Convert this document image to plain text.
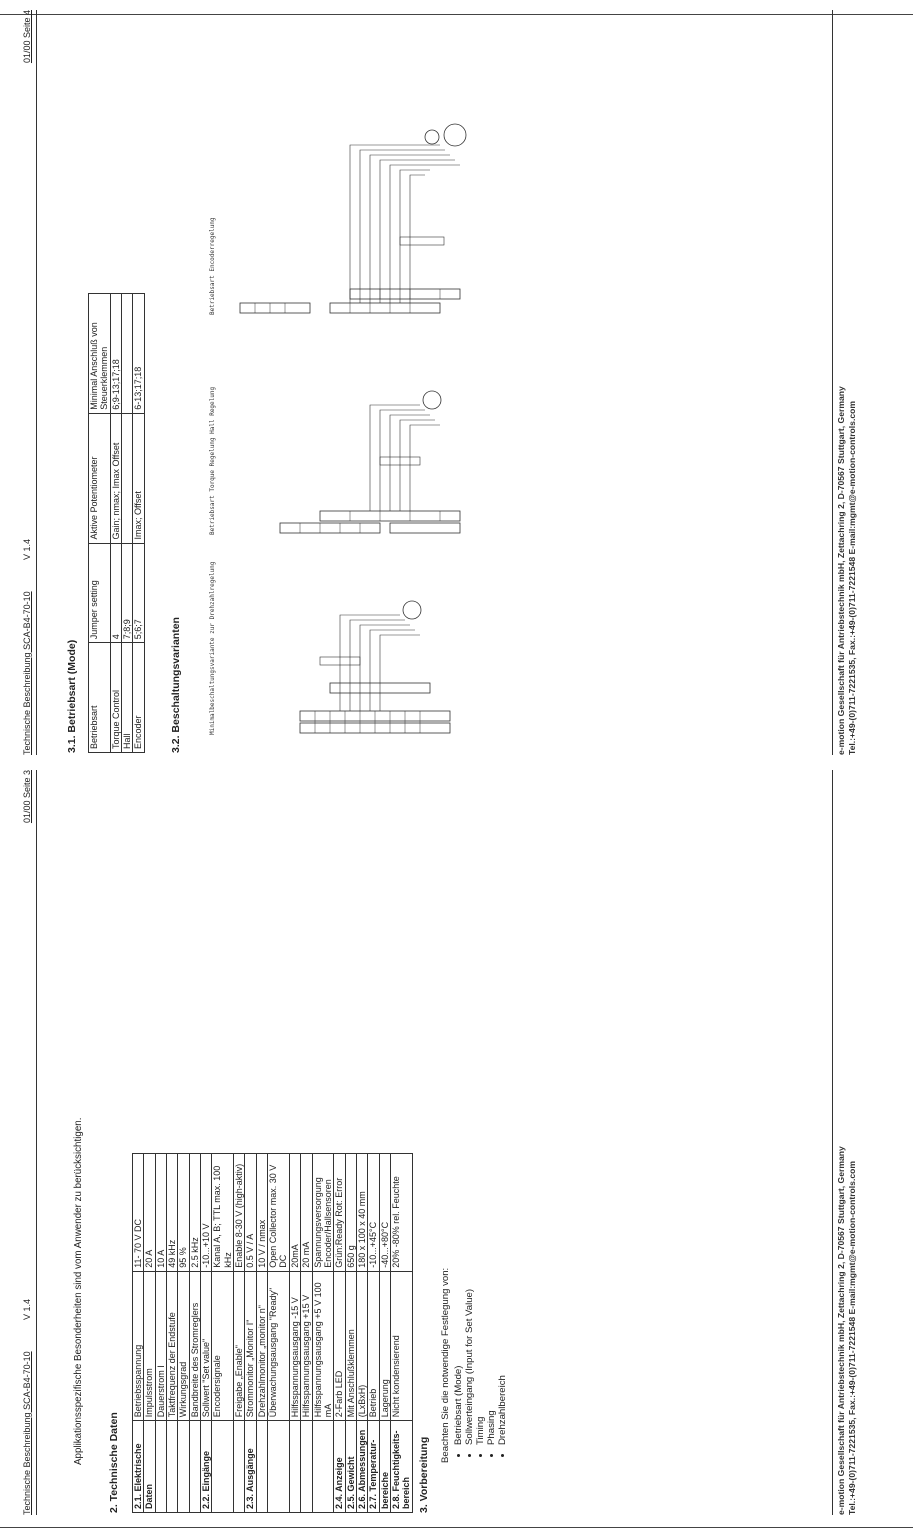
Technische Beschreibung SCA-B4-70-10
V 1.4
01/00 Seite 3
Applikationsspezifische Besonderheiten sind vom Anwender zu berücksichtigen. 2. Technische Daten 2.1. Elektrische	Betriebsspannung	11- 70 V DC
Daten	Impulsstrom	20 A
	Dauerstrom I	10 A
	Taktfrequenz der Endstufe	49 kHz
	Wirkungsgrad	95 %
	Bandbreite des Stromreglers	2.5 kHz
2.2. Eingänge	Sollwert "Set value"	-10...+10 V
	Encodersignale	Kanal A, B; TTL max. 100 kHz
	Freigabe „Enable"	Enable 8-30 V (high-aktiv)
2.3. Ausgänge	Strommonitor „Monitor I"	0.5 V / A
	Drehzahlmonitor „monitor n"	10 V / nmax
	Überwachungsausgang "Ready"	Open Collector max. 30 V DC
	Hilfsspannungsausgang -15 V	20mA
	Hilfsspannungsausgang +15 V	20 mA
	Hilfsspannungsausgang +5 V 100 mA	Spannungsversorgung Encoder/Hallsensoren
2.4. Anzeige	2-Farb LED	Grün:Ready Rot: Error
2.5. Gewicht	Mit Anschlußklemmen	650 g
2.6. Abmessungen	(LxBxH)	180 x 100 x 40 mm
2.7. Temperatur-	Betrieb	-10...+45°C
bereiche	Lagerung	-40...+80°C
2.8. Feuchtigkeits- bereich	Nicht kondensierend	20% -80% rel. Feuchte
3. Vorbereitung
Beachten Sie die notwendige Festlegung von: • Betriebsart (Mode) • Sollwerteingang (Input for Set Value) • Timing • Phasing • Drehzahlbereich	e-motion Gesellschaft für Antriebstechnik mbH, Zettachring 2, D-70567 Stuttgart, Germany Tel.:+49-(0)711-7221535, Fax.:+49-(0)711-7221548 E-mail:mgmt@e-motion-controls.com
Technische Beschreibung SCA-B4-70-10
V 1.4
01/00 Seite 4
3.1. Betriebsart (Mode) Betriebsart	Jumper setting	Aktive Potentiometer	Minimal Anschluß von Steuerklemmen
Torque Control	4	Gain; nmax; Imax Offset	6;9-13;17;18
Hall	7;8;9		
Encoder	5;6;7	Imax; Offset	6-13;17;18
3.2. Beschaltungsvarianten	Minimalbeschaltungsvariante zur Drehzahlregelung
Betriebsart Torque Regelung Hall Regelung
Betriebsart Encoderregelung
e-motion Gesellschaft für Antriebstechnik mbH, Zettachring 2, D-70567 Stuttgart, Germany Tel.:+49-(0)711-7221535, Fax.:+49-(0)711-7221548 E-mail:mgmt@e-motion-controls.com
